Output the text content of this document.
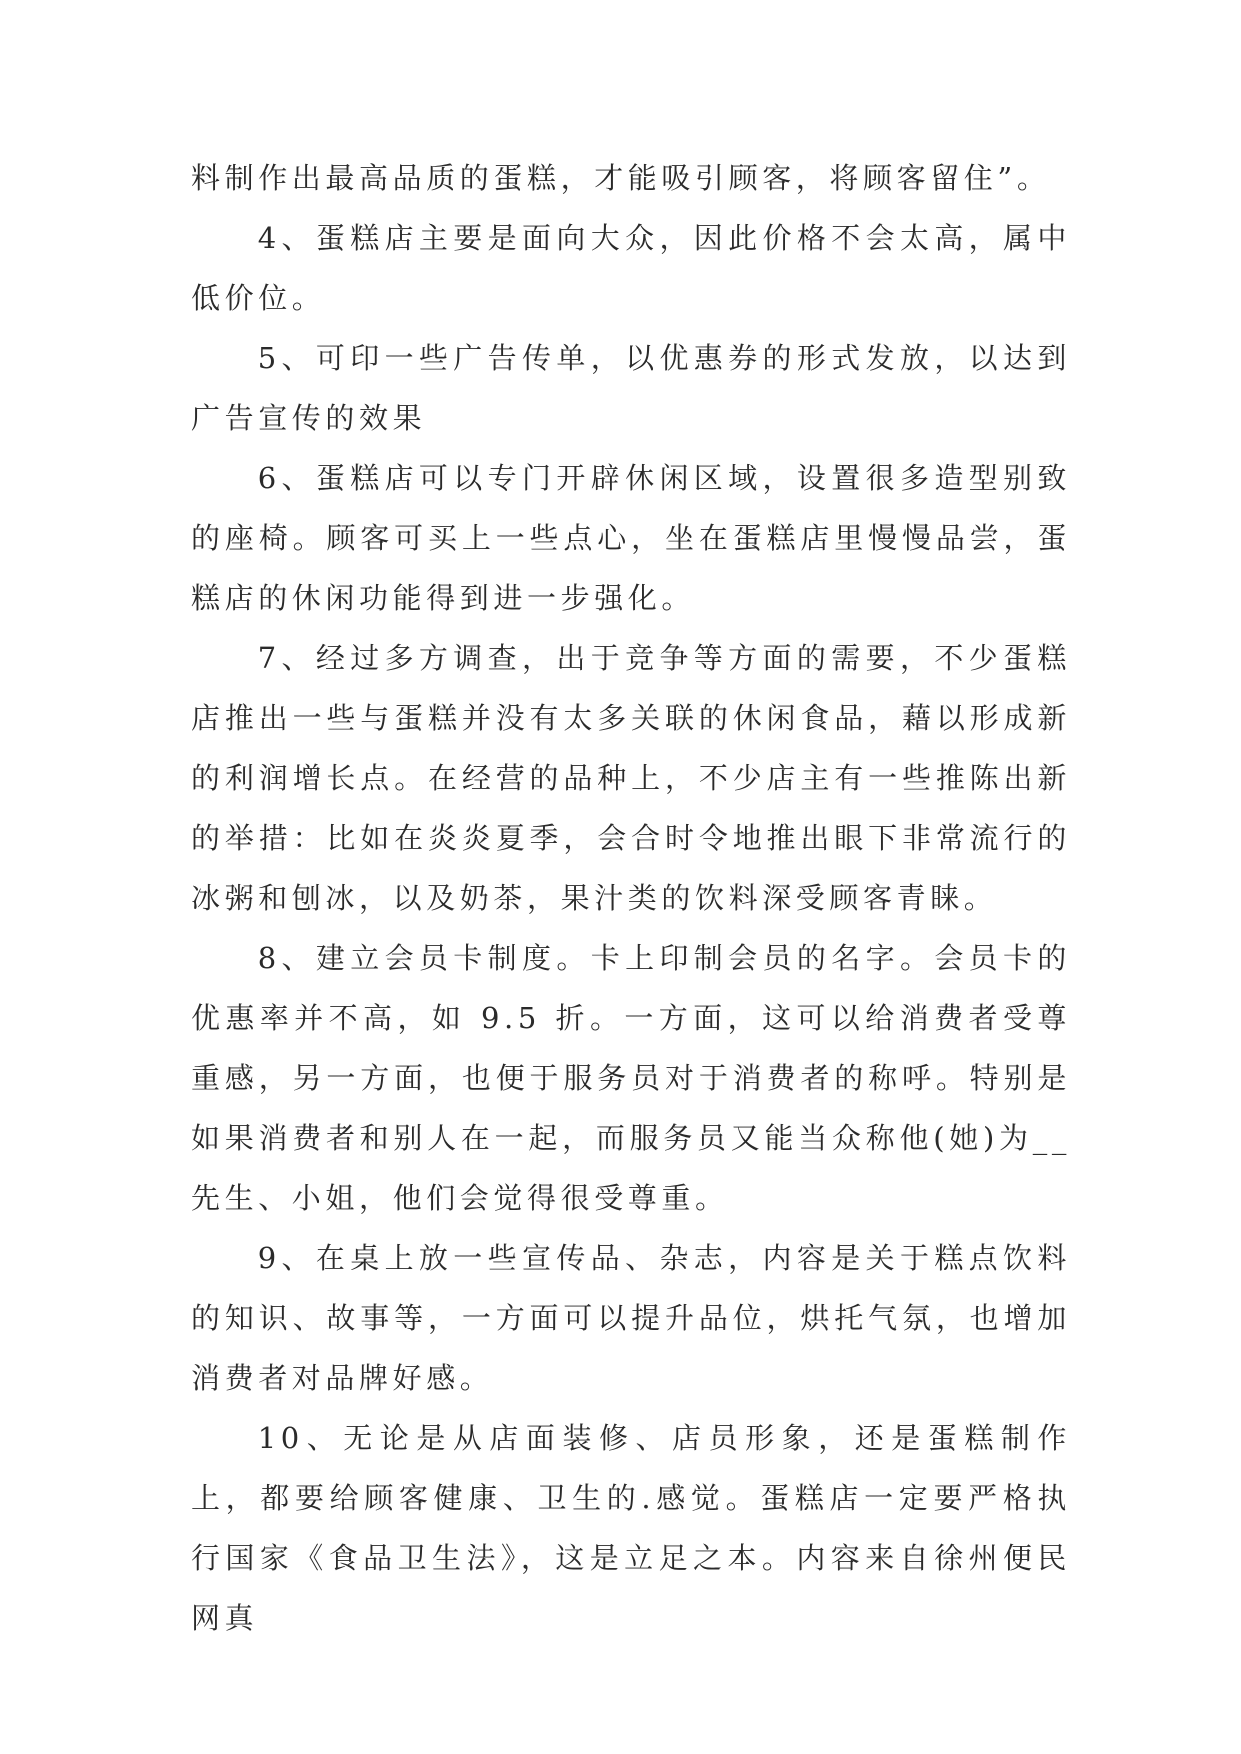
料制作出最高品质的蛋糕，才能吸引顾客，将顾客留住”。

4、蛋糕店主要是面向大众，因此价格不会太高，属中低价位。

5、可印一些广告传单，以优惠券的形式发放，以达到广告宣传的效果

6、蛋糕店可以专门开辟休闲区域，设置很多造型别致的座椅。顾客可买上一些点心，坐在蛋糕店里慢慢品尝，蛋糕店的休闲功能得到进一步强化。

7、经过多方调查，出于竞争等方面的需要，不少蛋糕店推出一些与蛋糕并没有太多关联的休闲食品，藉以形成新的利润增长点。在经营的品种上，不少店主有一些推陈出新的举措：比如在炎炎夏季，会合时令地推出眼下非常流行的冰粥和刨冰，以及奶茶，果汁类的饮料深受顾客青睐。

8、建立会员卡制度。卡上印制会员的名字。会员卡的优惠率并不高，如 9.5 折。一方面，这可以给消费者受尊重感，另一方面，也便于服务员对于消费者的称呼。特别是如果消费者和别人在一起，而服务员又能当众称他(她)为__先生、小姐，他们会觉得很受尊重。

9、在桌上放一些宣传品、杂志，内容是关于糕点饮料的知识、故事等，一方面可以提升品位，烘托气氛，也增加消费者对品牌好感。

10、无论是从店面装修、店员形象，还是蛋糕制作上，都要给顾客健康、卫生的.感觉。蛋糕店一定要严格执行国家《食品卫生法》，这是立足之本。内容来自徐州便民网真
